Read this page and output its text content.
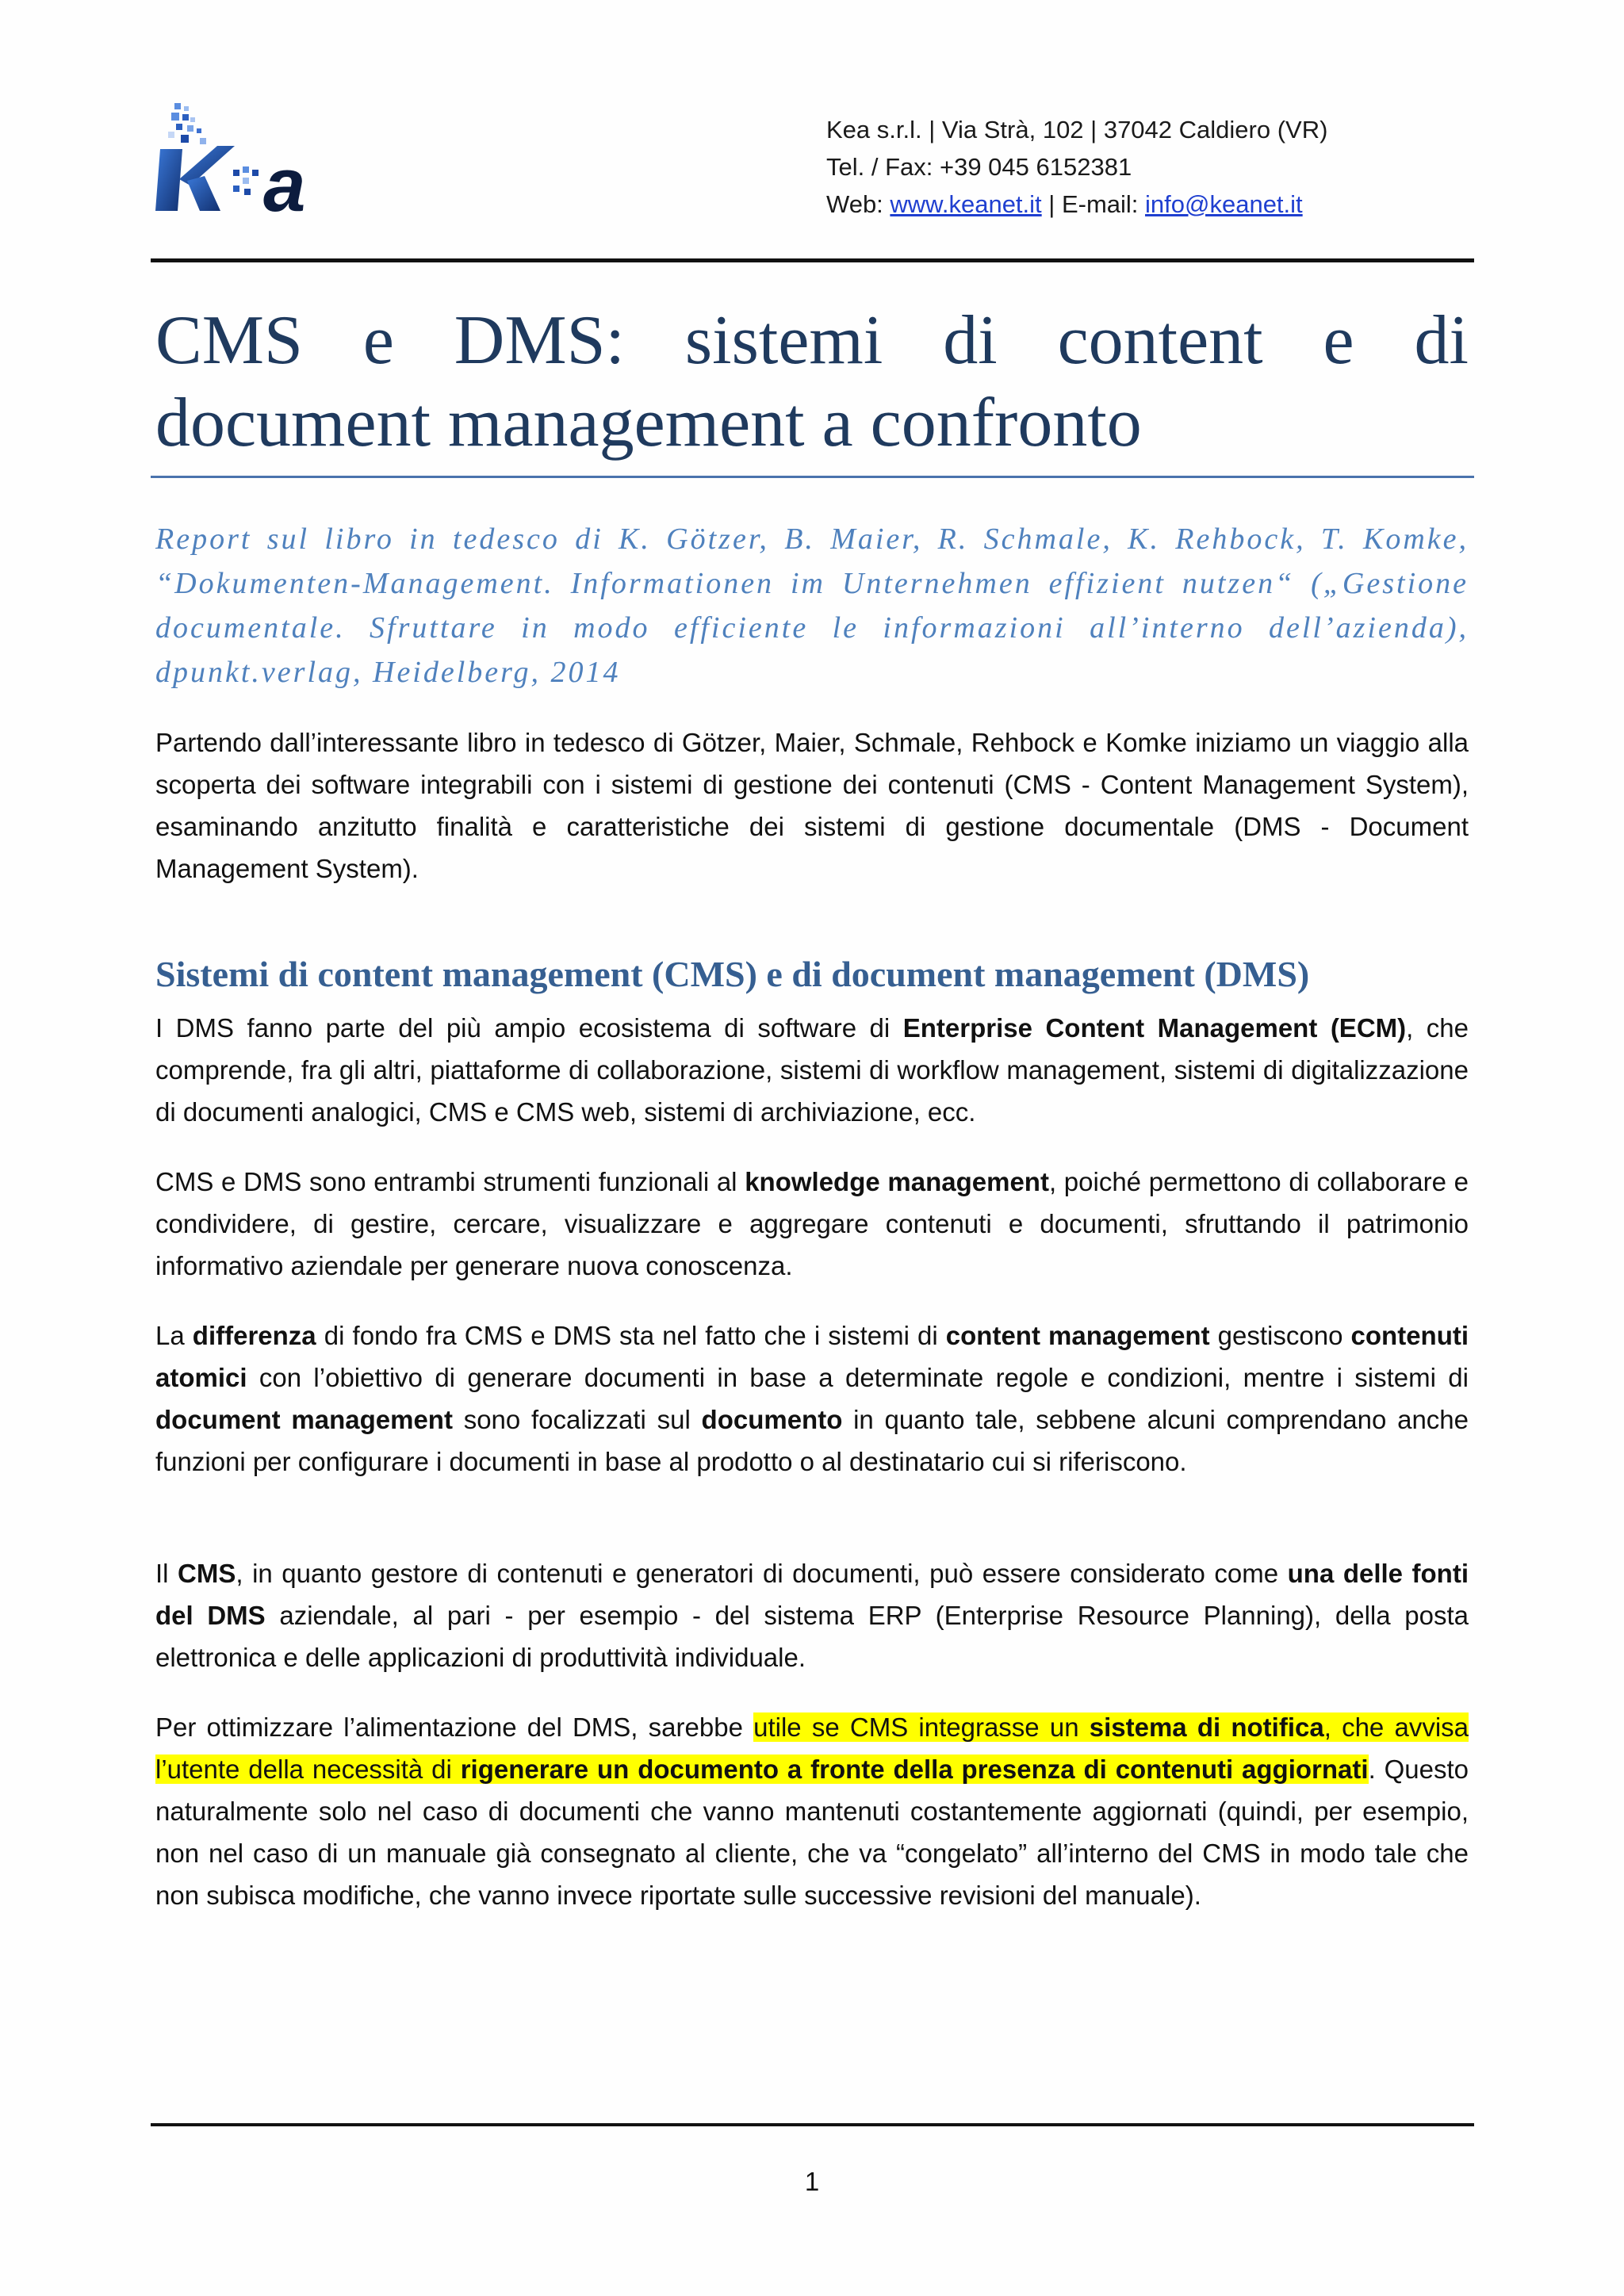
a
Kea s.r.l. | Via Strà, 102 | 37042 Caldiero (VR)
Tel. / Fax: +39 045 6152381
Web: www.keanet.it | E-mail: info@keanet.it
CMS e DMS: sistemi di content e di
document management a confronto
Report sul libro in tedesco di K. Götzer, B. Maier, R. Schmale, K. Rehbock, T. Komke, “Dokumenten-Management. Informationen im Unternehmen effizient nutzen“ („Gestione documentale. Sfruttare in modo efficiente le informazioni all’interno dell’azienda), dpunkt.verlag, Heidelberg, 2014
Partendo dall’interessante libro in tedesco di Götzer, Maier, Schmale, Rehbock e Komke iniziamo un viaggio alla scoperta dei software integrabili con i sistemi di gestione dei contenuti (CMS - Content Management System), esaminando anzitutto finalità e caratteristiche dei sistemi di gestione documentale (DMS - Document Management System).
Sistemi di content management (CMS) e di document management (DMS)
I DMS fanno parte del più ampio ecosistema di software di Enterprise Content Management (ECM), che comprende, fra gli altri, piattaforme di collaborazione, sistemi di workflow management, sistemi di digitalizzazione di documenti analogici, CMS e CMS web, sistemi di archiviazione, ecc.
CMS e DMS sono entrambi strumenti funzionali al knowledge management, poiché permettono di collaborare e condividere, di gestire, cercare, visualizzare e aggregare contenuti e documenti, sfruttando il patrimonio informativo aziendale per generare nuova conoscenza.
La differenza di fondo fra CMS e DMS sta nel fatto che i sistemi di content management gestiscono contenuti atomici con l’obiettivo di generare documenti in base a determinate regole e condizioni, mentre i sistemi di document management sono focalizzati sul documento in quanto tale, sebbene alcuni comprendano anche funzioni per configurare i documenti in base al prodotto o al destinatario cui si riferiscono.
Il CMS, in quanto gestore di contenuti e generatori di documenti, può essere considerato come una delle fonti del DMS aziendale, al pari - per esempio - del sistema ERP (Enterprise Resource Planning), della posta elettronica e delle applicazioni di produttività individuale.
Per ottimizzare l’alimentazione del DMS, sarebbe utile se CMS integrasse un sistema di notifica, che avvisa l’utente della necessità di rigenerare un documento a fronte della presenza di contenuti aggiornati. Questo naturalmente solo nel caso di documenti che vanno mantenuti costantemente aggiornati (quindi, per esempio, non nel caso di un manuale già consegnato al cliente, che va “congelato” all’interno del CMS in modo tale che non subisca modifiche, che vanno invece riportate sulle successive revisioni del manuale).
1
